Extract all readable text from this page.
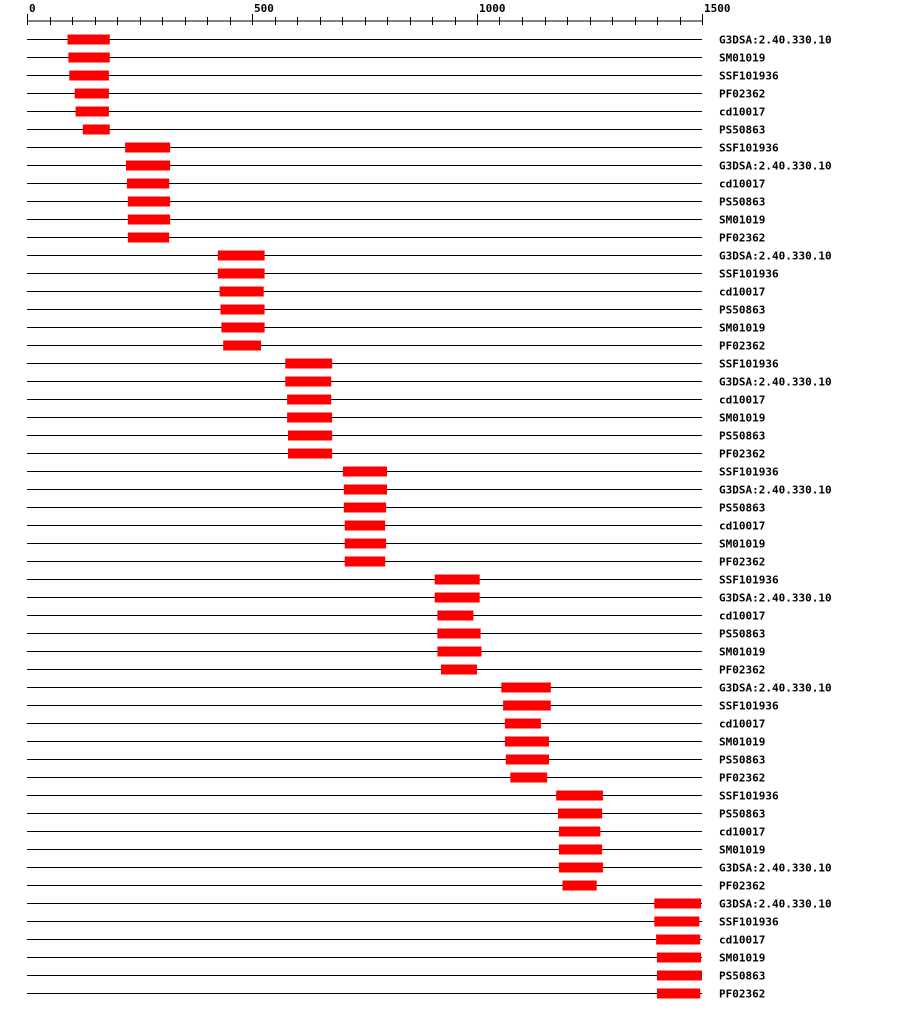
0	500	1000	1500
G3DSA:2.40.330.10
SM01019
SSF101936
PF02362
cd10017
PS50863
SSF101936
G3DSA:2.40.330.10
cd10017
PS50863
SM01019
PF02362
G3DSA:2.40.330.10
SSF101936
cd10017
PS50863
SM01019
PF02362
SSF101936
G3DSA:2.40.330.10
cd10017
SM01019
PS50863
PF02362
SSF101936
G3DSA:2.40.330.10
PS50863
cd10017
SM01019
PF02362
SSF101936
G3DSA:2.40.330.10
cd10017
PS50863
SM01019
PF02362
G3DSA:2.40.330.10
SSF101936
cd10017
SM01019
PS50863
PF02362
SSF101936
PS50863
cd10017
SM01019
G3DSA:2.40.330.10
PF02362
G3DSA:2.40.330.10
SSF101936
cd10017
SM01019
PS50863
PF02362
